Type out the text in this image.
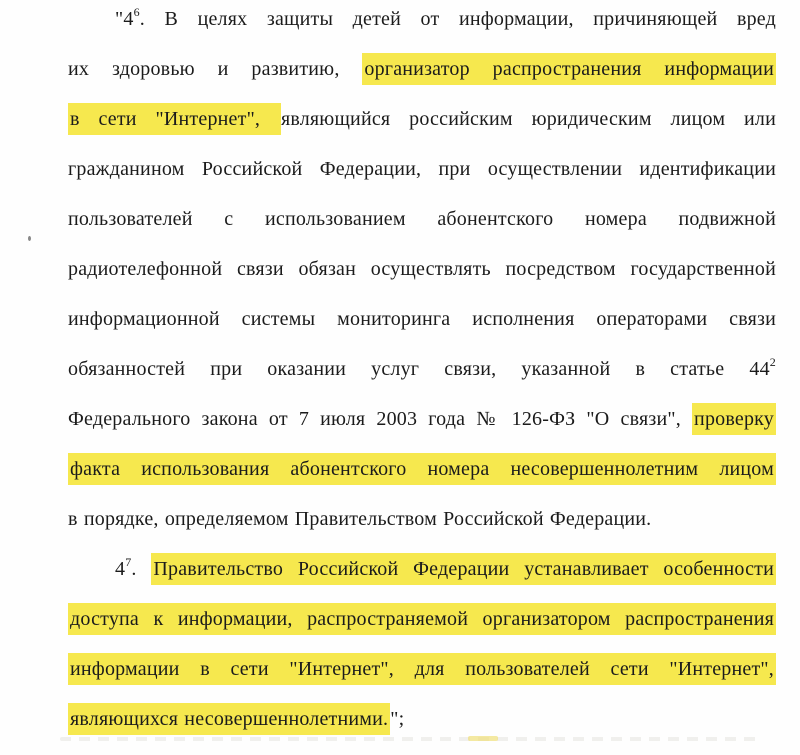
"$4^6$. В целях защиты детей от информации, причиняющей вред
их здоровью и развитию, организатор распространения информации
в сети "Интернет", являющийся российским юридическим лицом или
гражданином Российской Федерации, при осуществлении идентификации
пользователей с использованием абонентского номера подвижной
радиотелефонной связи обязан осуществлять посредством государственной
информационной системы мониторинга исполнения операторами связи
обязанностей при оказании услуг связи, указанной в статье $44^2$
Федерального закона от 7 июля 2003 года № 126-ФЗ "О связи", проверку
факта использования абонентского номера несовершеннолетним лицом
в порядке, определяемом Правительством Российской Федерации.
$4^7$. Правительство Российской Федерации устанавливает особенности
доступа к информации, распространяемой организатором распространения
информации в сети "Интернет", для пользователей сети "Интернет",
являющихся несовершеннолетними. ";
